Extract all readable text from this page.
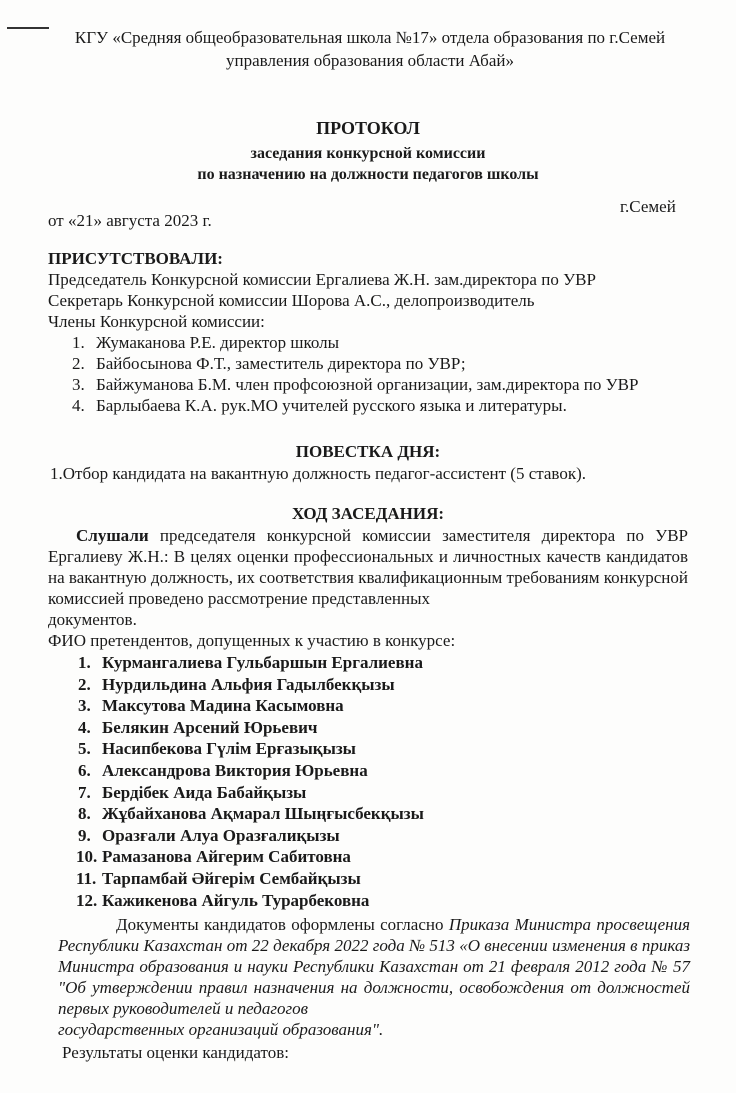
КГУ «Средняя общеобразовательная школа №17» отдела образования по г.Семей
управления образования области Абай»
ПРОТОКОЛ
заседания конкурсной комиссии
по назначению на должности педагогов школы
г.Семей
от «21» августа 2023 г.
ПРИСУТСТВОВАЛИ:
Председатель Конкурсной комиссии Ергалиева Ж.Н. зам.директора по УВР
Секретарь Конкурсной комиссии Шорова А.С., делопроизводитель
Члены Конкурсной комиссии:
1. Жумаканова Р.Е. директор школы
2. Байбосынова Ф.Т., заместитель директора по УВР;
3. Байжуманова Б.М. член профсоюзной организации, зам.директора по УВР
4. Барлыбаева К.А. рук.МО учителей русского языка и литературы.
ПОВЕСТКА ДНЯ:
1.Отбор кандидата на вакантную должность педагог-ассистент (5 ставок).
ХОД ЗАСЕДАНИЯ:
Слушали председателя конкурсной комиссии заместителя директора по УВР Ергалиеву Ж.Н.: В целях оценки профессиональных и личностных качеств кандидатов на вакантную должность, их соответствия квалификационным требованиям конкурсной комиссией проведено рассмотрение представленных
документов.
ФИО претендентов, допущенных к участию в конкурсе:
1. Курмангалиева Гульбаршын Ергалиевна
2. Нурдильдина Альфия Гадылбекқызы
3. Максутова Мадина Касымовна
4. Белякин Арсений Юрьевич
5. Насипбекова Гүлім Ерғазықызы
6. Александрова Виктория Юрьевна
7. Бердібек Аида Бабайқызы
8. Жұбайханова Ақмарал Шыңғысбекқызы
9. Оразғали Алуа Оразғалиқызы
10. Рамазанова Айгерим Сабитовна
11. Тарпамбай Әйгерім Сембайқызы
12. Кажикенова Айгуль Турарбековна
Документы кандидатов оформлены согласно Приказа Министра просвещения Республики Казахстан от 22 декабря 2022 года № 513 «О внесении изменения в приказ Министра образования и науки Республики Казахстан от 21 февраля 2012 года № 57 "Об утверждении правил назначения на должности, освобождения от должностей первых руководителей и педагогов
государственных организаций образования".
Результаты оценки кандидатов:
